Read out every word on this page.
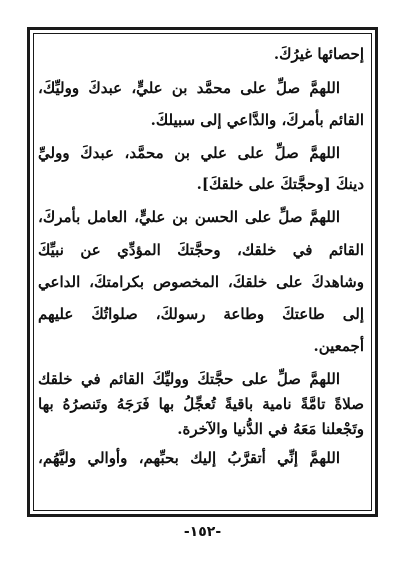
إحصائها غيرُكَ.
اللهمَّ صلِّ على محمَّد بن عليٍّ، عبدكَ ووليِّكَ،
القائم بأمركَ، والدَّاعي إلى سبيلكَ.
اللهمَّ صلِّ على علي بن محمَّد، عبدكَ ووليِّ
دينكَ [وحجَّتكَ على خلقكَ].
اللهمَّ صلِّ على الحسن بن عليٍّ، العامل بأمركَ،
القائم في خلقك، وحجَّتكَ المؤدِّي عن نبيِّكَ
وشاهدكَ على خلقكَ، المخصوص بكرامتكَ، الداعي
إلى طاعتكَ وطاعة رسولكَ، صلواتُكَ عليهم
أجمعين.
اللهمَّ صلِّ على حجَّتكَ ووليِّكَ القائم في خلقك
صلاةً تامَّةً نامية باقيةً تُعجِّلُ بها فَرَجَهُ وتَنصرُهُ بها
وتَجْعلنا مَعَهُ في الدُّنيا والآخرة.
اللهمَّ إنِّي أتقرَّبُ إليك بحبِّهم، وأوالي وليَّهُم،
-١٥٢-
